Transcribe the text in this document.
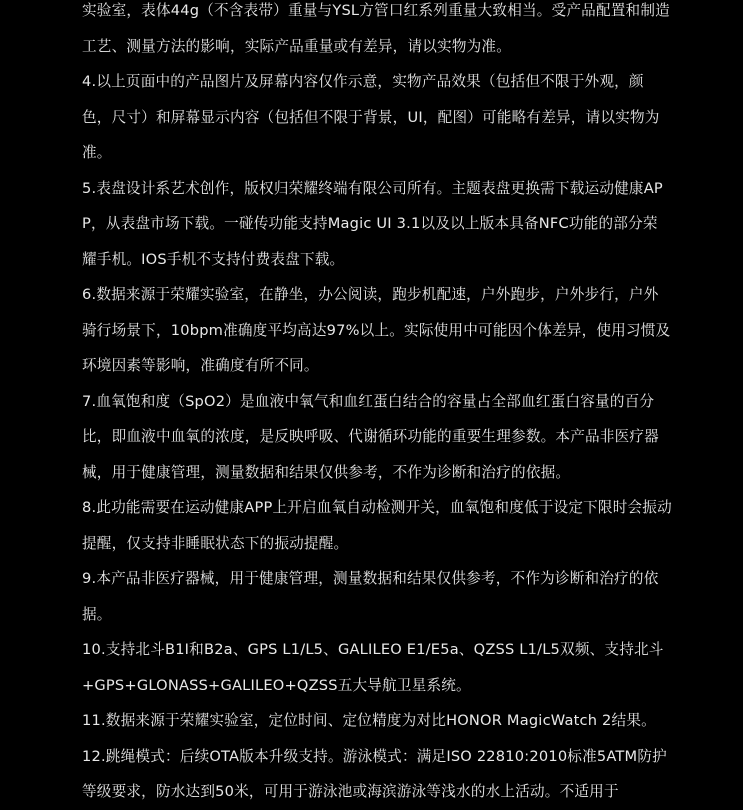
实验室，表体44g（不含表带）重量与YSL方管口红系列重量大致相当。受产品配置和制造工艺、测量方法的影响，实际产品重量或有差异，请以实物为准。

4.以上页面中的产品图片及屏幕内容仅作示意，实物产品效果（包括但不限于外观，颜色，尺寸）和屏幕显示内容（包括但不限于背景，UI，配图）可能略有差异，请以实物为准。

5.表盘设计系艺术创作，版权归荣耀终端有限公司所有。主题表盘更换需下载运动健康APP，从表盘市场下载。一碰传功能支持Magic UI 3.1以及以上版本具备NFC功能的部分荣耀手机。IOS手机不支持付费表盘下载。

6.数据来源于荣耀实验室，在静坐，办公阅读，跑步机配速，户外跑步，户外步行，户外骑行场景下，10bpm准确度平均高达97%以上。实际使用中可能因个体差异，使用习惯及环境因素等影响，准确度有所不同。

7.血氧饱和度（SpO2）是血液中氧气和血红蛋白结合的容量占全部血红蛋白容量的百分比，即血液中血氧的浓度，是反映呼吸、代谢循环功能的重要生理参数。本产品非医疗器械，用于健康管理，测量数据和结果仅供参考，不作为诊断和治疗的依据。

8.此功能需要在运动健康APP上开启血氧自动检测开关，血氧饱和度低于设定下限时会振动提醒，仅支持非睡眠状态下的振动提醒。

9.本产品非医疗器械，用于健康管理，测量数据和结果仅供参考，不作为诊断和治疗的依据。

10.支持北斗B1I和B2a、GPS L1/L5、GALILEO E1/E5a、QZSS L1/L5双频、支持北斗+GPS+GLONASS+GALILEO+QZSS五大导航卫星系统。

11.数据来源于荣耀实验室，定位时间、定位精度为对比HONOR MagicWatch 2结果。

12.跳绳模式：后续OTA版本升级支持。游泳模式：满足ISO 22810:2010标准5ATM防护等级要求，防水达到50米，可用于游泳池或海滨游泳等浅水的水上活动。不适用于
